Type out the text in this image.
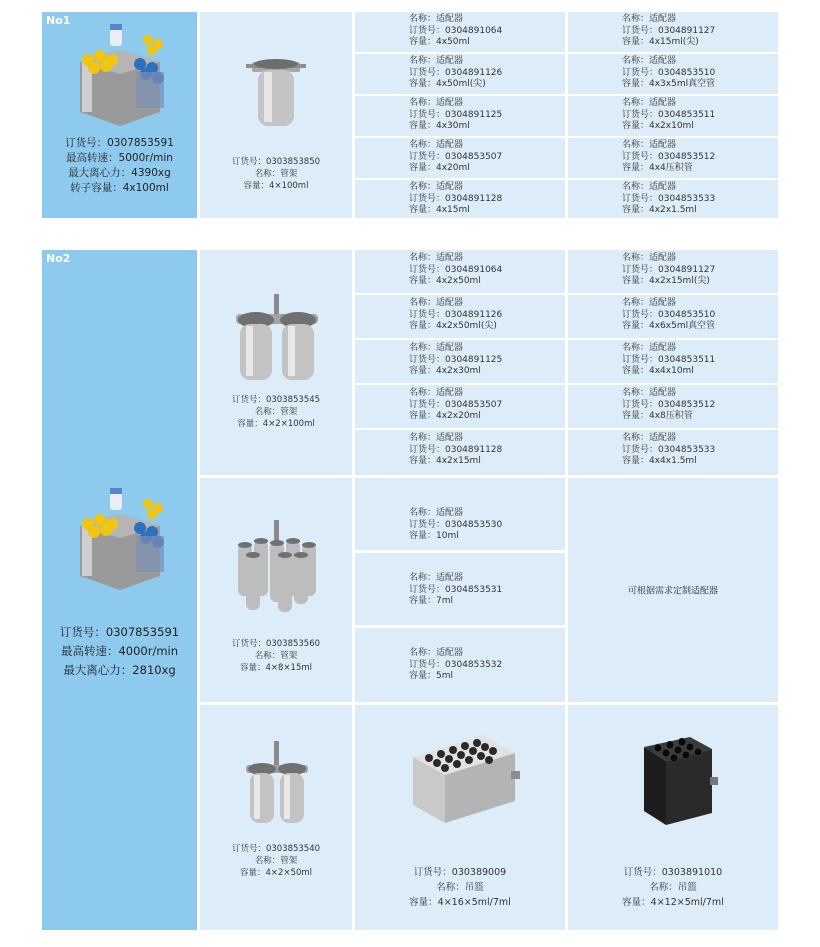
No1
订货号：0307853591
最高转速：5000r/min
最大离心力：4390xg
转子容量：4x100ml
订货号：0303853850
名称：管架
容量：4×100ml
名称：适配器
订货号：0304891064
容量：4x50ml
名称：适配器
订货号：0304891126
容量：4x50ml(尖)
名称：适配器
订货号：0304891125
容量：4x30ml
名称：适配器
订货号：0304853507
容量：4x20ml
名称：适配器
订货号：0304891128
容量：4x15ml
名称：适配器
订货号：0304891127
容量：4x15ml(尖)
名称：适配器
订货号：0304853510
容量：4x3x5ml真空管
名称：适配器
订货号：0304853511
容量：4x2x10ml
名称：适配器
订货号：0304853512
容量：4x4压积管
名称：适配器
订货号：0304853533
容量：4x2x1.5ml
No2
订货号：0307853591
最高转速：4000r/min
最大离心力：2810xg
订货号：0303853545
名称：管架
容量：4×2×100ml
名称：适配器
订货号：0304891064
容量：4x2x50ml
名称：适配器
订货号：0304891126
容量：4x2x50ml(尖)
名称：适配器
订货号：0304891125
容量：4x2x30ml
名称：适配器
订货号：0304853507
容量：4x2x20ml
名称：适配器
订货号：0304891128
容量：4x2x15ml
名称：适配器
订货号：0304891127
容量：4x2x15ml(尖)
名称：适配器
订货号：0304853510
容量：4x6x5ml真空管
名称：适配器
订货号：0304853511
容量：4x4x10ml
名称：适配器
订货号：0304853512
容量：4x8压积管
名称：适配器
订货号：0304853533
容量：4x4x1.5ml
订货号：0303853560
名称：管架
容量：4×8×15ml
名称：适配器
订货号：0304853530
容量：10ml
名称：适配器
订货号：0304853531
容量：7ml
名称：适配器
订货号：0304853532
容量：5ml
可根据需求定制适配器
订货号：0303853540
名称：管架
容量：4×2×50ml	订货号：030389009
名称：吊篮
容量：4×16×5ml/7ml
订货号：0303891010
名称：吊篮
容量：4×12×5ml/7ml
